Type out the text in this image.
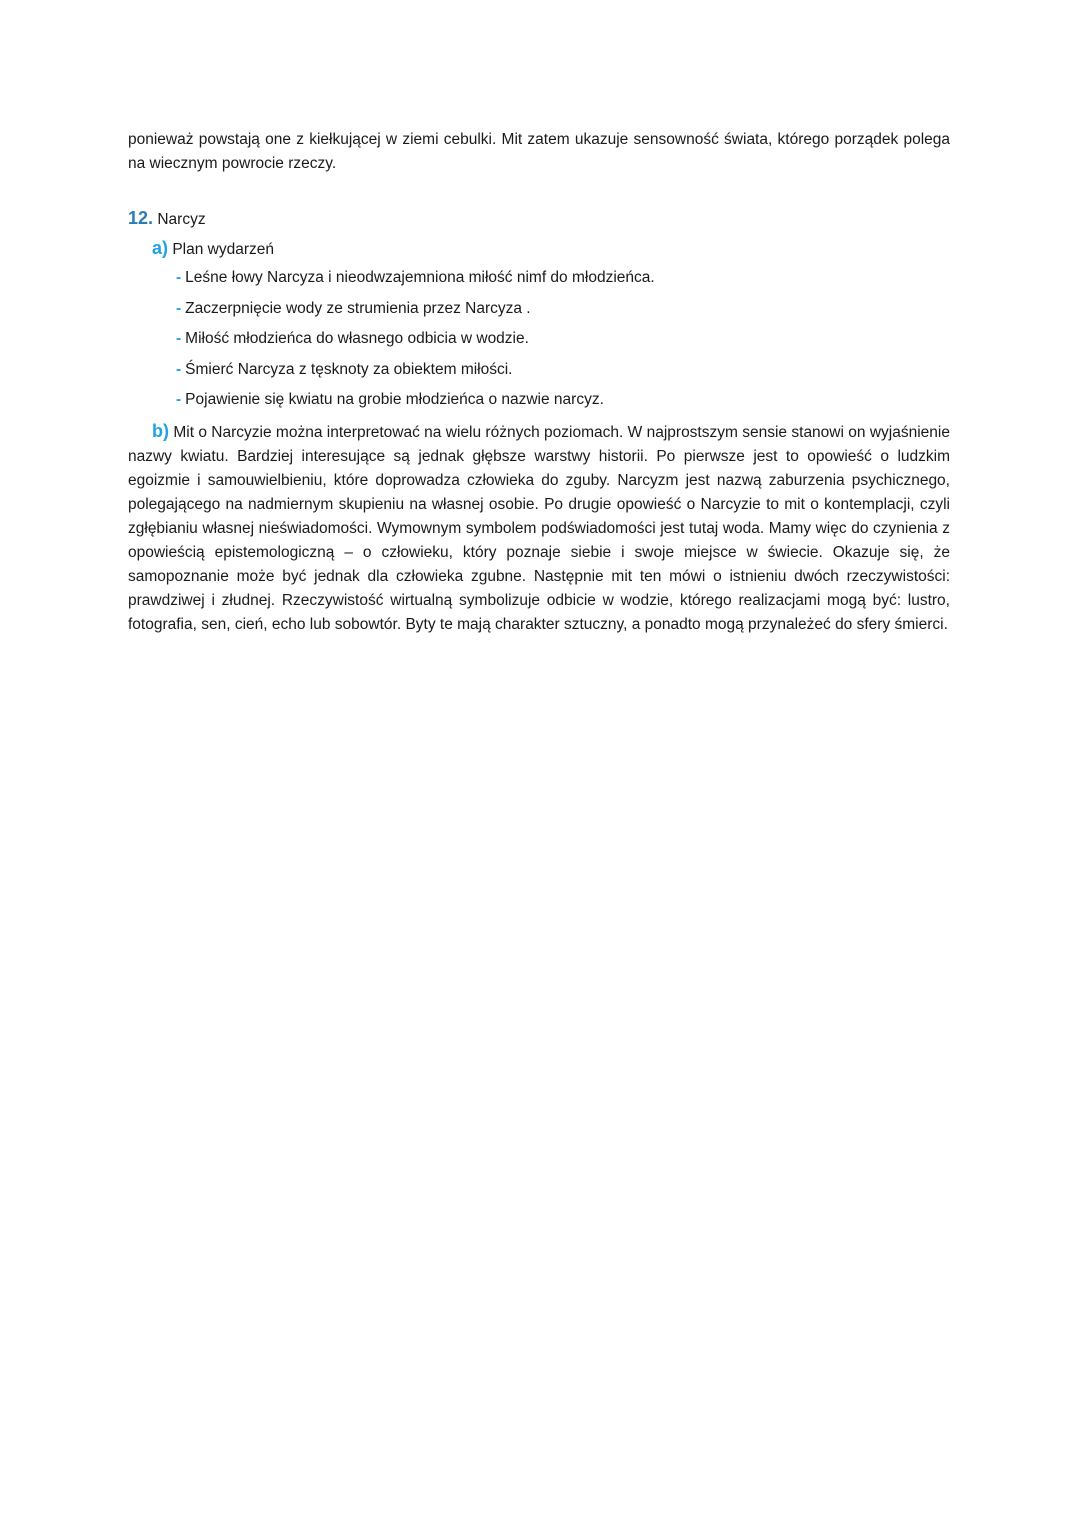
ponieważ powstają one z kiełkującej w ziemi cebulki. Mit zatem ukazuje sensowność świata, którego porządek polega na wiecznym powrocie rzeczy.

12. Narcyz
a) Plan wydarzeń
- Leśne łowy Narcyza i nieodwzajemniona miłość nimf do młodzieńca.
- Zaczerpnięcie wody ze strumienia przez Narcyza .
- Miłość młodzieńca do własnego odbicia w wodzie.
- Śmierć Narcyza z tęsknoty za obiektem miłości.
- Pojawienie się kwiatu na grobie młodzieńca o nazwie narcyz.

b) Mit o Narcyzie można interpretować na wielu różnych poziomach. W najprostszym sensie stanowi on wyjaśnienie nazwy kwiatu. Bardziej interesujące są jednak głębsze warstwy historii. Po pierwsze jest to opowieść o ludzkim egoizmie i samouwielbieniu, które doprowadza człowieka do zguby. Narcyzm jest nazwą zaburzenia psychicznego, polegającego na nadmiernym skupieniu na własnej osobie. Po drugie opowieść o Narcyzie to mit o kontemplacji, czyli zgłębianiu własnej nieświadomości. Wymownym symbolem podświadomości jest tutaj woda. Mamy więc do czynienia z opowieścią epistemologiczną – o człowieku, który poznaje siebie i swoje miejsce w świecie. Okazuje się, że samopoznanie może być jednak dla człowieka zgubne. Następnie mit ten mówi o istnieniu dwóch rzeczywistości: prawdziwej i złudnej. Rzeczywistość wirtualną symbolizuje odbicie w wodzie, którego realizacjami mogą być: lustro, fotografia, sen, cień, echo lub sobowtór. Byty te mają charakter sztuczny, a ponadto mogą przynależeć do sfery śmierci.
